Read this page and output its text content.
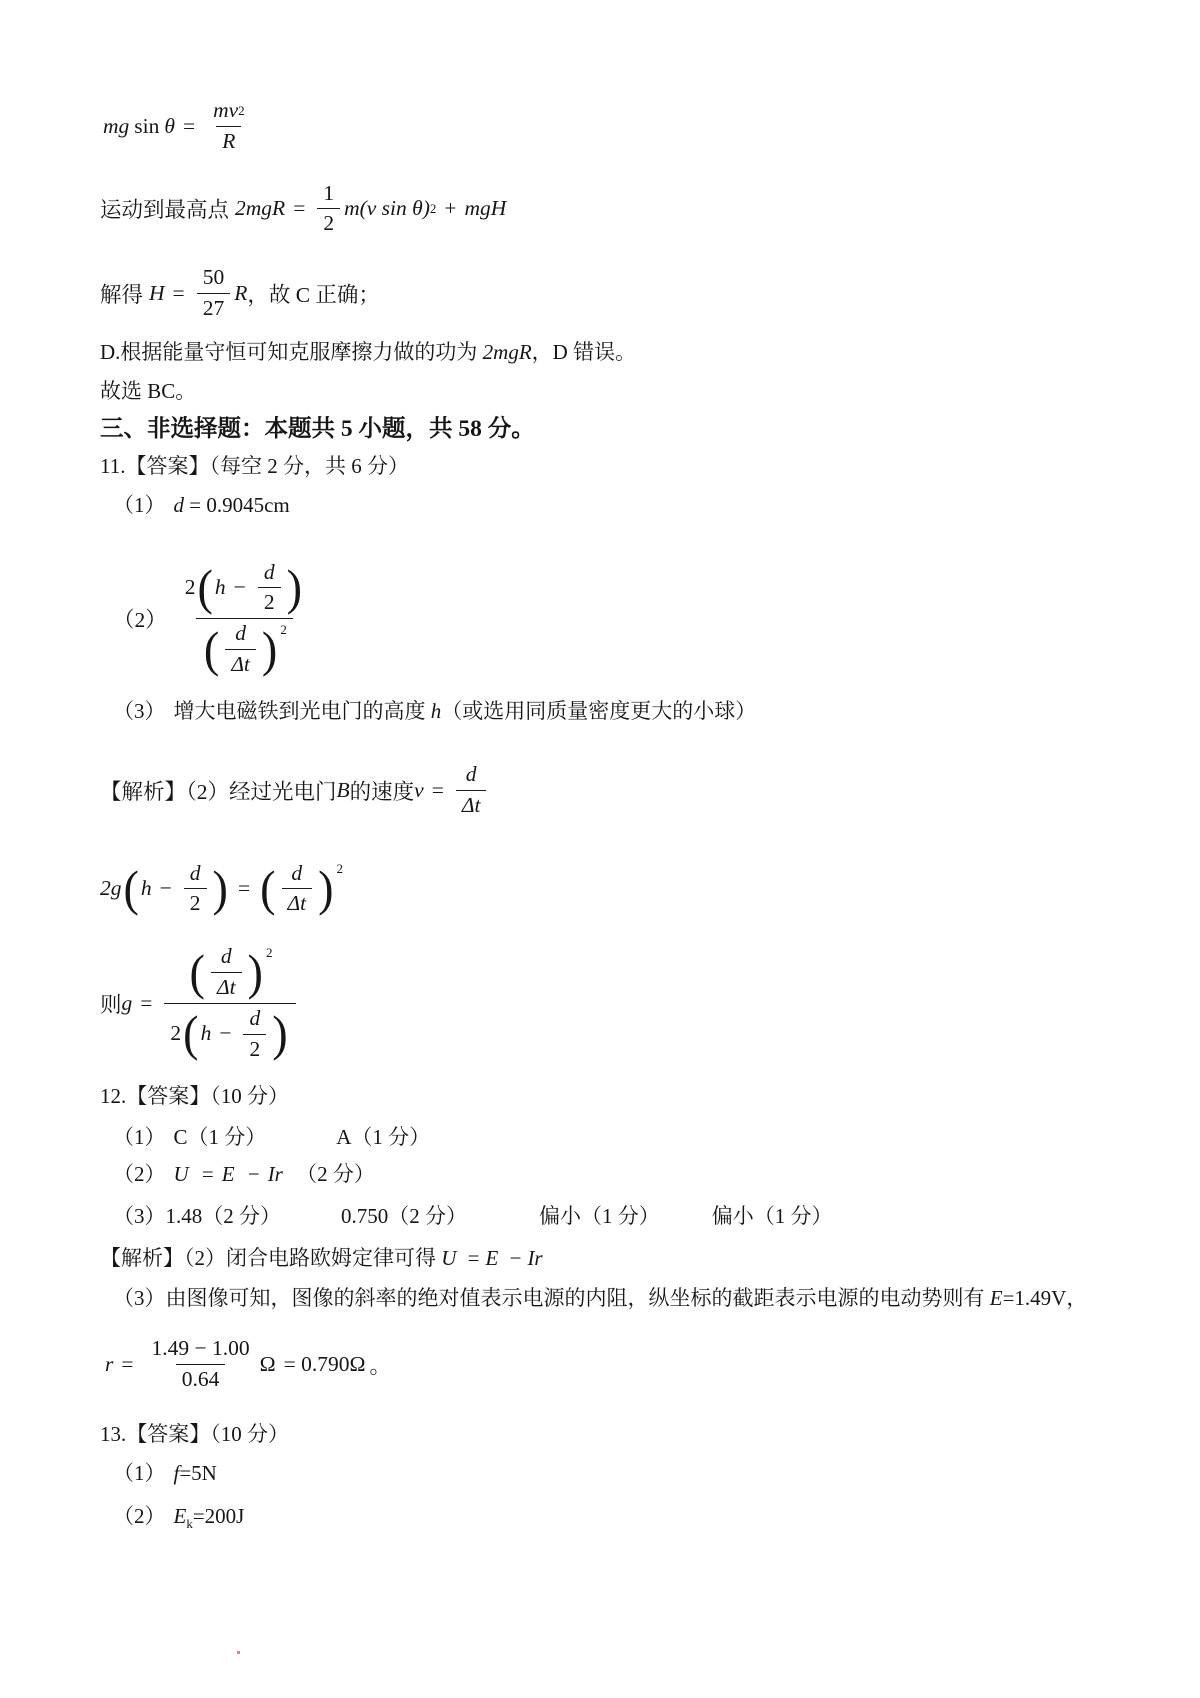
mg $\sin \theta = \frac{mv 2}{R}$
运动到最高点 $2mgR = \frac{1}{2} m(v$ sin θ) 2 + mgH
解得 $H = \frac{50}{27}$ R ，故 C 正确；
D.根据能量守恒可知克服摩擦力做的功为 2mgR，D 错误。
故选 BC。
三、非选择题：本题共 5 小题，共 58 分。
11.【答案】（每空 2 分，共 6 分）
（1） d = 0.9045cm
$(2) \frac{2 ( h - \frac{d}{2} )}{( \frac{d}{\Delta t} )^2}$
（3） 增大电磁铁到光电门的高度 h（或选用同质量密度更大的小球）
【解析】（2）经过光电门 B 的速度 $v = \frac{d}{\Delta t}$
2g ( $h - \frac{d}{2}$ ) = ( $\frac{d}{\Delta t} )^2$
则 $g = \frac{( \frac{d}{\Delta t} )^2}{2 ( h - \frac{d}{2} )}$
12.【答案】（10 分）
（1） C（1 分）	A（1 分）
（2） U = E − Ir （2 分）
（3）1.48（2 分）	0.750（2 分）	偏小（1 分） 偏小（1 分）
【解析】（2）闭合电路欧姆定律可得 U = E − Ir
（3）由图像可知，图像的斜率的绝对值表示电源的内阻，纵坐标的截距表示电源的电动势则有 E=1.49V，
$r = \frac{1.49 - 1.00}{0.64}$ Ω = 0.790Ω 。
13.【答案】（10 分）
（1） f=5N
（2） $E_k=200J$
